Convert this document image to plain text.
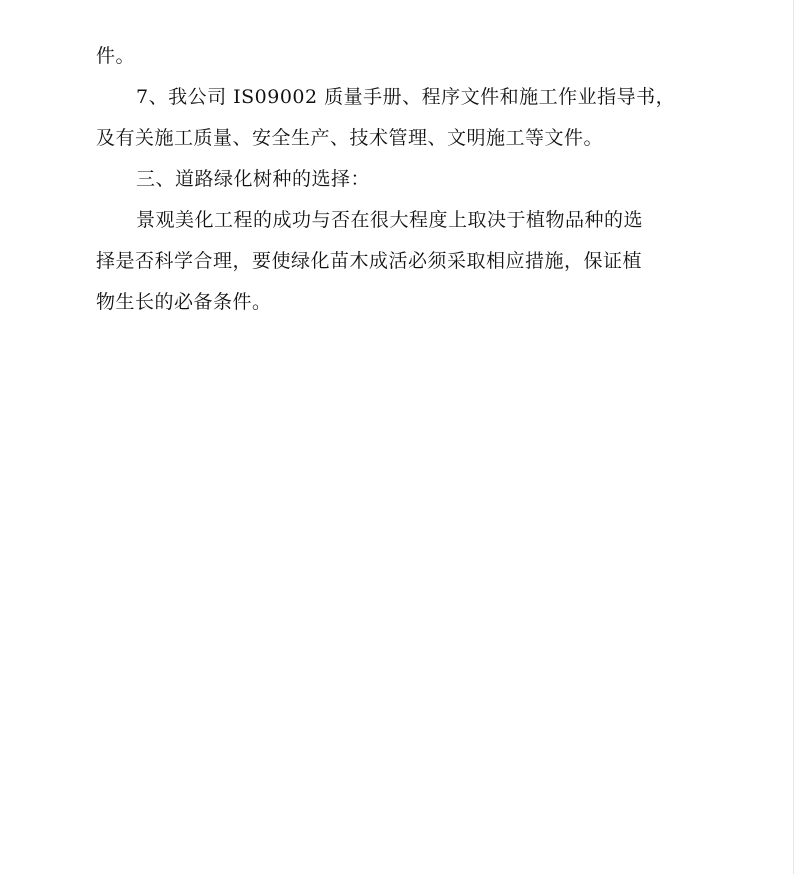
件。
7、我公司 IS09002 质量手册、程序文件和施工作业指导书，
及有关施工质量、安全生产、技术管理、文明施工等文件。
三、道路绿化树种的选择：
景观美化工程的成功与否在很大程度上取决于植物品种的选
择是否科学合理，要使绿化苗木成活必须采取相应措施，保证植
物生长的必备条件。
